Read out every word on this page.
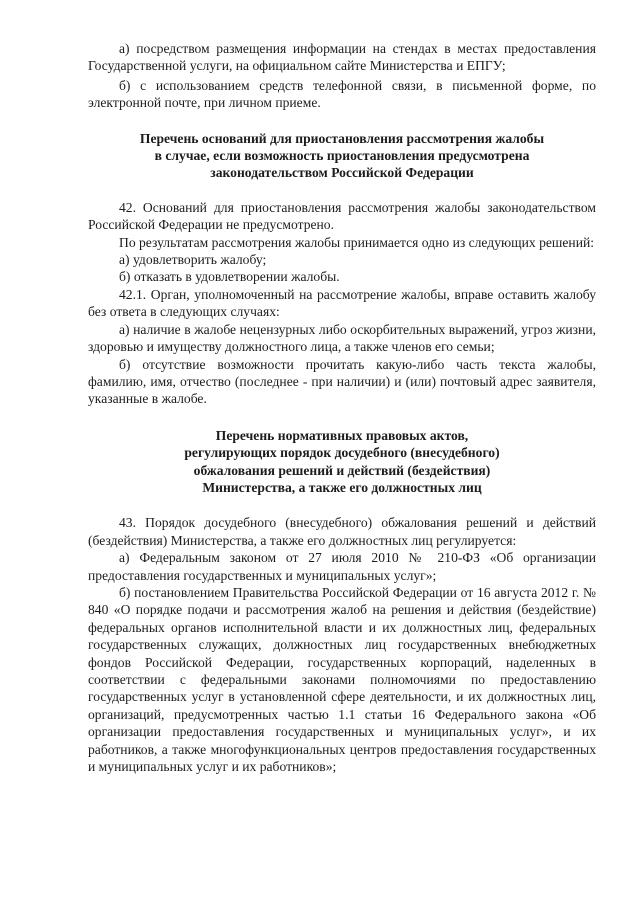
а) посредством размещения информации на стендах в местах предоставления Государственной услуги, на официальном сайте Министерства и ЕПГУ;

б) с использованием средств телефонной связи, в письменной форме, по электронной почте, при личном приеме.

Перечень оснований для приостановления рассмотрения жалобы
в случае, если возможность приостановления предусмотрена
законодательством Российской Федерации

42. Оснований для приостановления рассмотрения жалобы законодательством Российской Федерации не предусмотрено.

По результатам рассмотрения жалобы принимается одно из следующих решений:

а) удовлетворить жалобу;

б) отказать в удовлетворении жалобы.

42.1. Орган, уполномоченный на рассмотрение жалобы, вправе оставить жалобу без ответа в следующих случаях:

а) наличие в жалобе нецензурных либо оскорбительных выражений, угроз жизни, здоровью и имуществу должностного лица, а также членов его семьи;

б) отсутствие возможности прочитать какую-либо часть текста жалобы, фамилию, имя, отчество (последнее - при наличии) и (или) почтовый адрес заявителя, указанные в жалобе.

Перечень нормативных правовых актов,
регулирующих порядок досудебного (внесудебного)
обжалования решений и действий (бездействия)
Министерства, а также его должностных лиц

43. Порядок досудебного (внесудебного) обжалования решений и действий (бездействия) Министерства, а также его должностных лиц регулируется:

а) Федеральным законом от 27 июля 2010 № 210-ФЗ «Об организации предоставления государственных и муниципальных услуг»;

б) постановлением Правительства Российской Федерации от 16 августа 2012 г. № 840 «О порядке подачи и рассмотрения жалоб на решения и действия (бездействие) федеральных органов исполнительной власти и их должностных лиц, федеральных государственных служащих, должностных лиц государственных внебюджетных фондов Российской Федерации, государственных корпораций, наделенных в соответствии с федеральными законами полномочиями по предоставлению государственных услуг в установленной сфере деятельности, и их должностных лиц, организаций, предусмотренных частью 1.1 статьи 16 Федерального закона «Об организации предоставления государственных и муниципальных услуг», и их работников, а также многофункциональных центров предоставления государственных и муниципальных услуг и их работников»;
